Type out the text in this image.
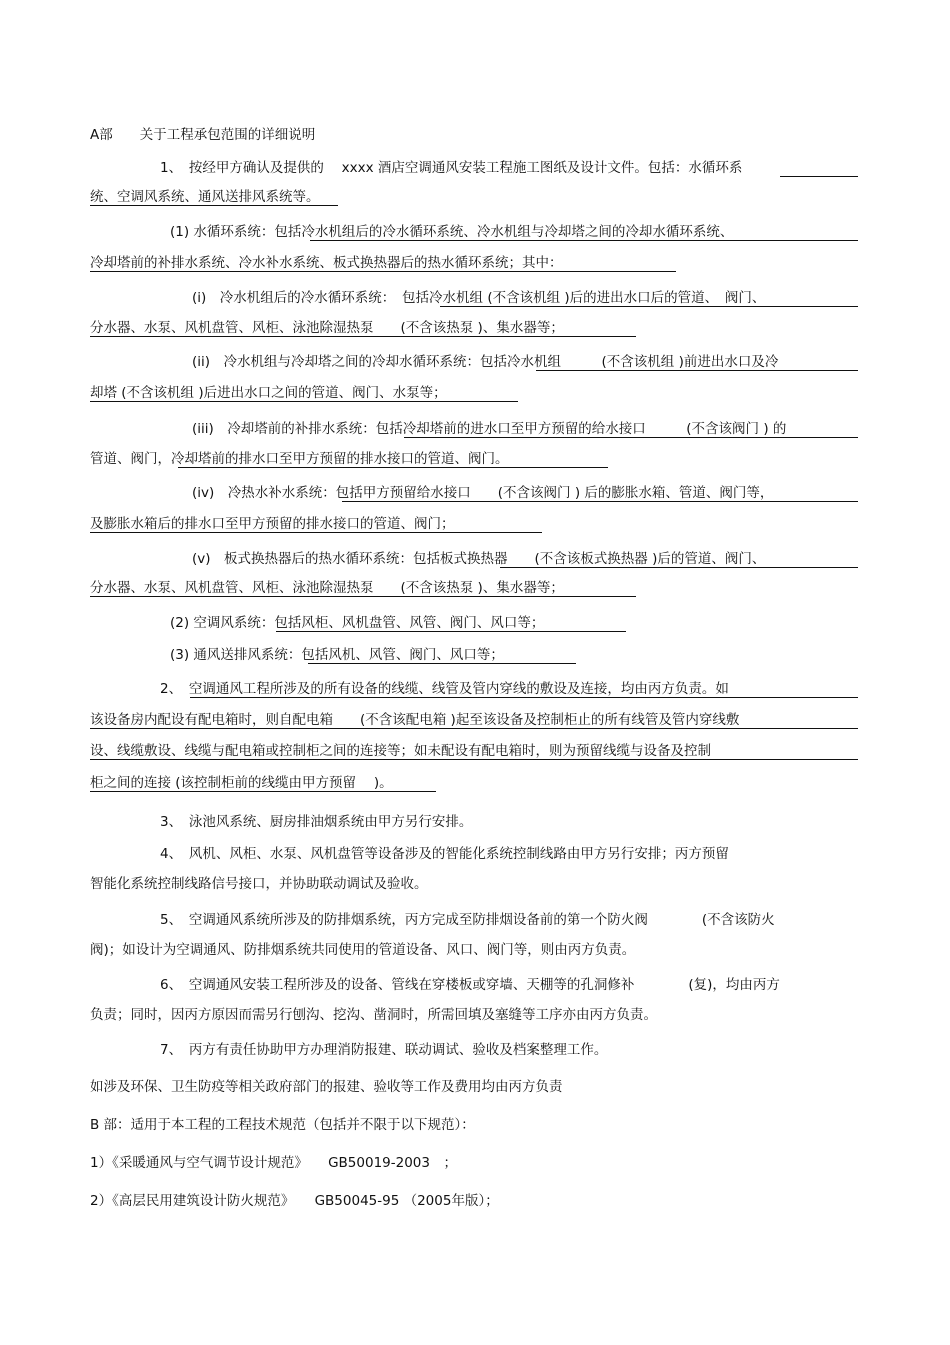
A部　　关于工程承包范围的详细说明
1、　按经甲方确认及提供的　 xxxx 酒店空调通风安装工程施工图纸及设计文件。包括：水循环系
统、空调风系统、通风送排风系统等。
(1) 水循环系统：包括冷水机组后的冷水循环系统、冷水机组与冷却塔之间的冷却水循环系统、
冷却塔前的补排水系统、冷水补水系统、板式换热器后的热水循环系统；其中：
(i)　冷水机组后的冷水循环系统：　包括冷水机组 (不含该机组 )后的进出水口后的管道、　阀门、
分水器、水泵、风机盘管、风柜、泳池除湿热泵　　(不含该热泵 )、集水器等；
(ii)　冷水机组与冷却塔之间的冷却水循环系统：包括冷水机组　　　(不含该机组 )前进出水口及冷
却塔 (不含该机组 )后进出水口之间的管道、阀门、水泵等；
(iii)　冷却塔前的补排水系统：包括冷却塔前的进水口至甲方预留的给水接口　　　(不含该阀门 ) 的
管道、阀门，冷却塔前的排水口至甲方预留的排水接口的管道、阀门。
(iv)　冷热水补水系统：包括甲方预留给水接口　　(不含该阀门 ) 后的膨胀水箱、管道、阀门等，
及膨胀水箱后的排水口至甲方预留的排水接口的管道、阀门；
(v)　板式换热器后的热水循环系统：包括板式换热器　　(不含该板式换热器 )后的管道、阀门、
分水器、水泵、风机盘管、风柜、泳池除湿热泵　　(不含该热泵 )、集水器等；
(2) 空调风系统：包括风柜、风机盘管、风管、阀门、风口等；
(3) 通风送排风系统：包括风机、风管、阀门、风口等；
2、　空调通风工程所涉及的所有设备的线缆、线管及管内穿线的敷设及连接，均由丙方负责。如
该设备房内配设有配电箱时，则自配电箱　　(不含该配电箱 )起至该设备及控制柜止的所有线管及管内穿线敷
设、线缆敷设、线缆与配电箱或控制柜之间的连接等；如未配设有配电箱时，则为预留线缆与设备及控制
柜之间的连接 (该控制柜前的线缆由甲方预留　 )。
3、　泳池风系统、厨房排油烟系统由甲方另行安排。
4、　风机、风柜、水泵、风机盘管等设备涉及的智能化系统控制线路由甲方另行安排；丙方预留
智能化系统控制线路信号接口，并协助联动调试及验收。
5、　空调通风系统所涉及的防排烟系统，丙方完成至防排烟设备前的第一个防火阀　　　　(不含该防火
阀)；如设计为空调通风、防排烟系统共同使用的管道设备、风口、阀门等，则由丙方负责。
6、　空调通风安装工程所涉及的设备、管线在穿楼板或穿墙、天棚等的孔洞修补　　　　(复)，均由丙方
负责；同时，因丙方原因而需另行刨沟、挖沟、凿洞时，所需回填及塞缝等工序亦由丙方负责。
7、　丙方有责任协助甲方办理消防报建、联动调试、验收及档案整理工作。
如涉及环保、卫生防疫等相关政府部门的报建、验收等工作及费用均由丙方负责
B 部：适用于本工程的工程技术规范（包括并不限于以下规范）：
1）《采暖通风与空气调节设计规范》　　GB50019-2003　；
2）《高层民用建筑设计防火规范》　　GB50045-95 （2005年版）；
